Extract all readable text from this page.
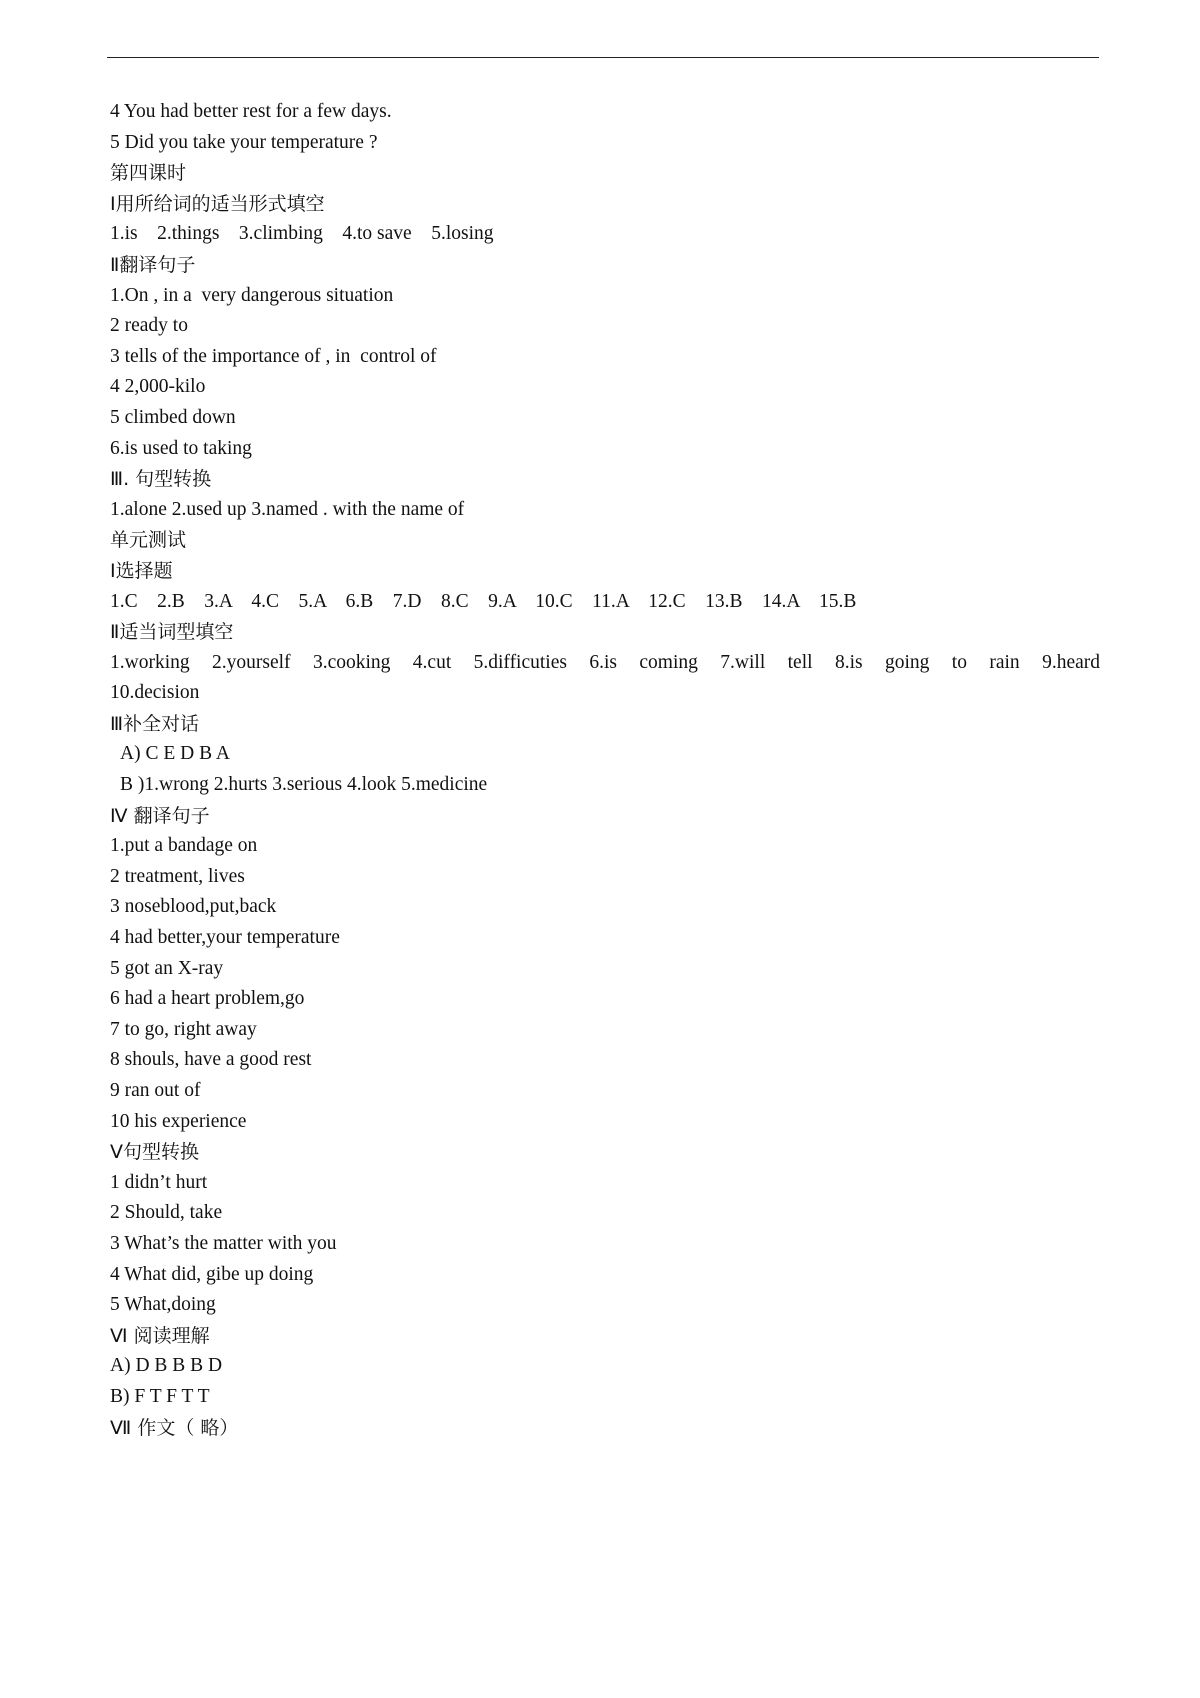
4 You had better rest for a few days.
5 Did you take your temperature ?
第四课时
Ⅰ用所给词的适当形式填空
1.is    2.things    3.climbing    4.to save    5.losing
Ⅱ翻译句子
1.On , in a  very dangerous situation
2 ready to
3 tells of the importance of , in  control of
4 2,000-kilo
5 climbed down
6.is used to taking
Ⅲ. 句型转换
1.alone 2.used up 3.named . with the name of
单元测试
Ⅰ选择题
1.C    2.B    3.A    4.C    5.A    6.B    7.D    8.C    9.A    10.C    11.A    12.C    13.B    14.A    15.B
Ⅱ适当词型填空
1.working 2.yourself 3.cooking 4.cut 5.difficuties 6.is coming 7.will tell 8.is going to rain 9.heard
10.decision
Ⅲ补全对话
A) C E D B A
B )1.wrong 2.hurts 3.serious 4.look 5.medicine
Ⅳ 翻译句子
1.put a bandage on
2 treatment, lives
3 noseblood,put,back
4 had better,your temperature
5 got an X-ray
6 had a heart problem,go
7 to go, right away
8 shouls, have a good rest
9 ran out of
10 his experience
Ⅴ句型转换
1 didn’t hurt
2 Should, take
3 What’s the matter with you
4 What did, gibe up doing
5 What,doing
Ⅵ 阅读理解
A) D B B B D
B) F T F T T
Ⅶ 作文（ 略）
